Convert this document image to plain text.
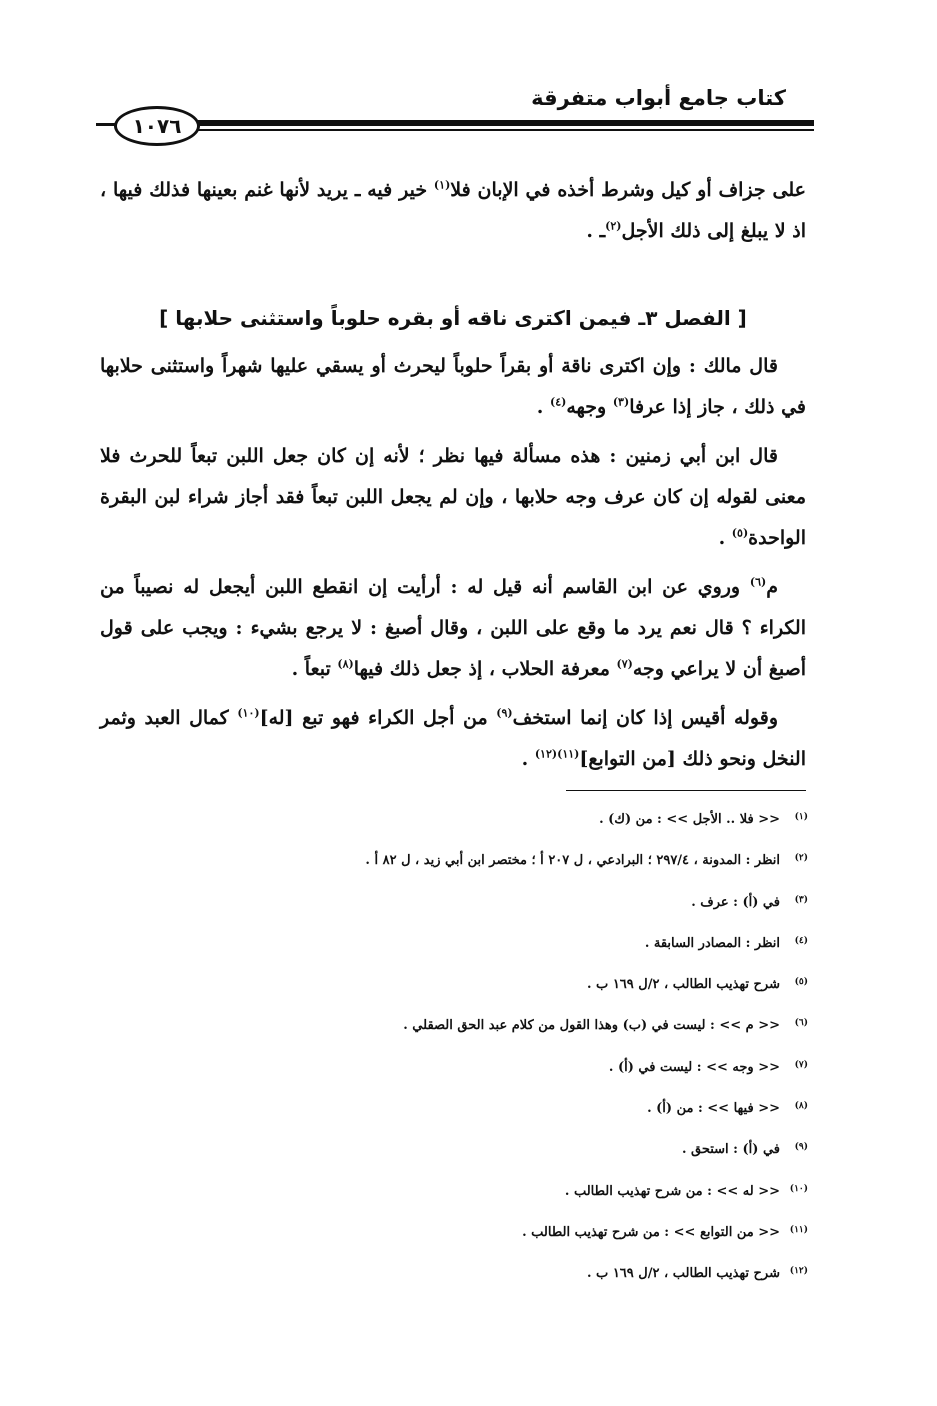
كتاب جامع أبواب متفرقة
١٠٧٦

على جزاف أو كيل وشرط أخذه في الإبان فلا$^{(١)}$ خير فيه ـ يريد لأنها غنم بعينها فذلك فيها ، اذ لا يبلغ إلى ذلك الأجل$^{(٢)}$ـ .

[ الفصل ٣ـ فيمن اكترى ناقه أو بقره حلوباً واستثنى حلابها ]

قال مالك : وإن اكترى ناقة أو بقراً حلوباً ليحرث أو يسقي عليها شهراً واستثنى حلابها في ذلك ، جاز إذا عرفا$^{(٣)}$ وجهه$^{(٤)}$ .

قال ابن أبي زمنين : هذه مسألة فيها نظر ؛ لأنه إن كان جعل اللبن تبعاً للحرث فلا معنى لقوله إن كان عرف وجه حلابها ، وإن لم يجعل اللبن تبعاً فقد أجاز شراء لبن البقرة الواحدة$^{(٥)}$ .

م$^{(٦)}$ وروي عن ابن القاسم أنه قيل له : أرأيت إن انقطع اللبن أيجعل له نصيباً من الكراء ؟ قال نعم يرد ما وقع على اللبن ، وقال أصبغ : لا يرجع بشيء : ويجب على قول أصبغ أن لا يراعي وجه$^{(٧)}$ معرفة الحلاب ، إذ جعل ذلك فيها$^{(٨)}$ تبعاً .

وقوله أقيس إذا كان إنما استخف$^{(٩)}$ من أجل الكراء فهو تبع [له]$^{(١٠)}$ كمال العبد وثمر النخل ونحو ذلك [من التوابع]$^{(١١)(١٢)}$ .

(١)
<< فلا .. الأجل >> : من (ك) .
(٢)
انظر : المدونة ، ٢٩٧/٤ ؛ البرادعي ، ل ٢٠٧ أ ؛ مختصر ابن أبي زيد ، ل ٨٢ أ .
(٣)
في (أ) : عرف .
(٤)
انظر : المصادر السابقة .
(٥)
شرح تهذيب الطالب ، ٢/ل ١٦٩ ب .
(٦)
<< م >> : ليست في (ب) وهذا القول من كلام عبد الحق الصقلي .
(٧)
<< وجه >> : ليست في (أ) .
(٨)
<< فيها >> : من (أ) .
(٩)
في (أ) : استحق .
(١٠)
<< له >> : من شرح تهذيب الطالب .
(١١)
<< من التوابع >> : من شرح تهذيب الطالب .
(١٢)
شرح تهذيب الطالب ، ٢/ل ١٦٩ ب .
